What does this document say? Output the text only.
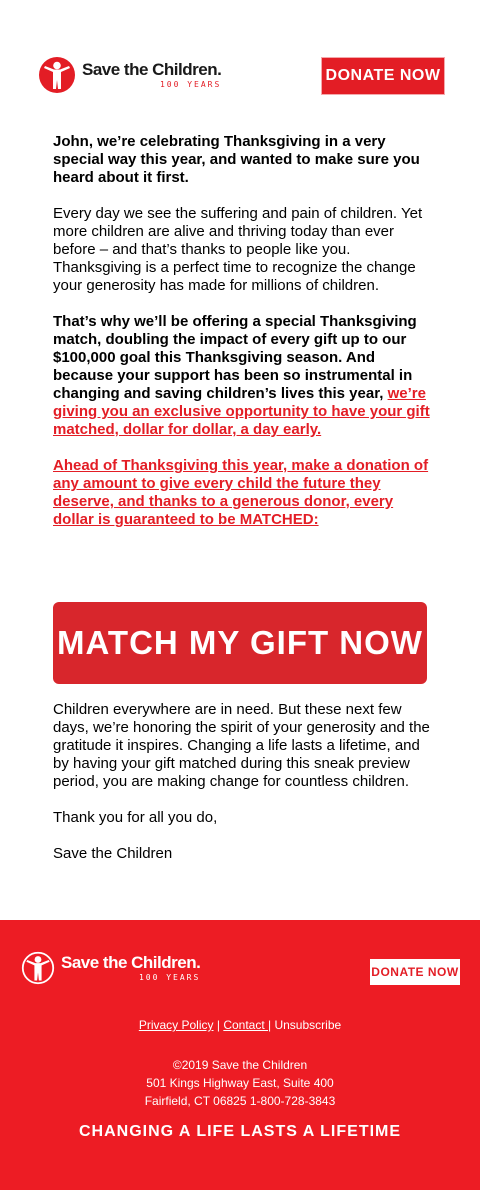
Save the Children.
100 YEARS
DONATE NOW

John, we’re celebrating Thanksgiving in a very special way this year, and wanted to make sure you heard about it first.

Every day we see the suffering and pain of children. Yet more children are alive and thriving today than ever before – and that’s thanks to people like you. Thanksgiving is a perfect time to recognize the change your generosity has made for millions of children.

That’s why we’ll be offering a special Thanksgiving match, doubling the impact of every gift up to our $100,000 goal this Thanksgiving season. And because your support has been so instrumental in changing and saving children’s lives this year, we’re giving you an exclusive opportunity to have your gift matched, dollar for dollar, a day early.

Ahead of Thanksgiving this year, make a donation of any amount to give every child the future they deserve, and thanks to a generous donor, every dollar is guaranteed to be MATCHED:

MATCH MY GIFT NOW

Children everywhere are in need. But these next few days, we’re honoring the spirit of your generosity and the gratitude it inspires. Changing a life lasts a lifetime, and by having your gift matched during this sneak preview period, you are making change for countless children.

Thank you for all you do,

Save the Children

Save the Children.
100 YEARS	DONATE NOW
Privacy Policy | Contact | Unsubscribe
©2019 Save the Children
501 Kings Highway East, Suite 400
Fairfield, CT 06825 1-800-728-3843
CHANGING A LIFE LASTS A LIFETIME
